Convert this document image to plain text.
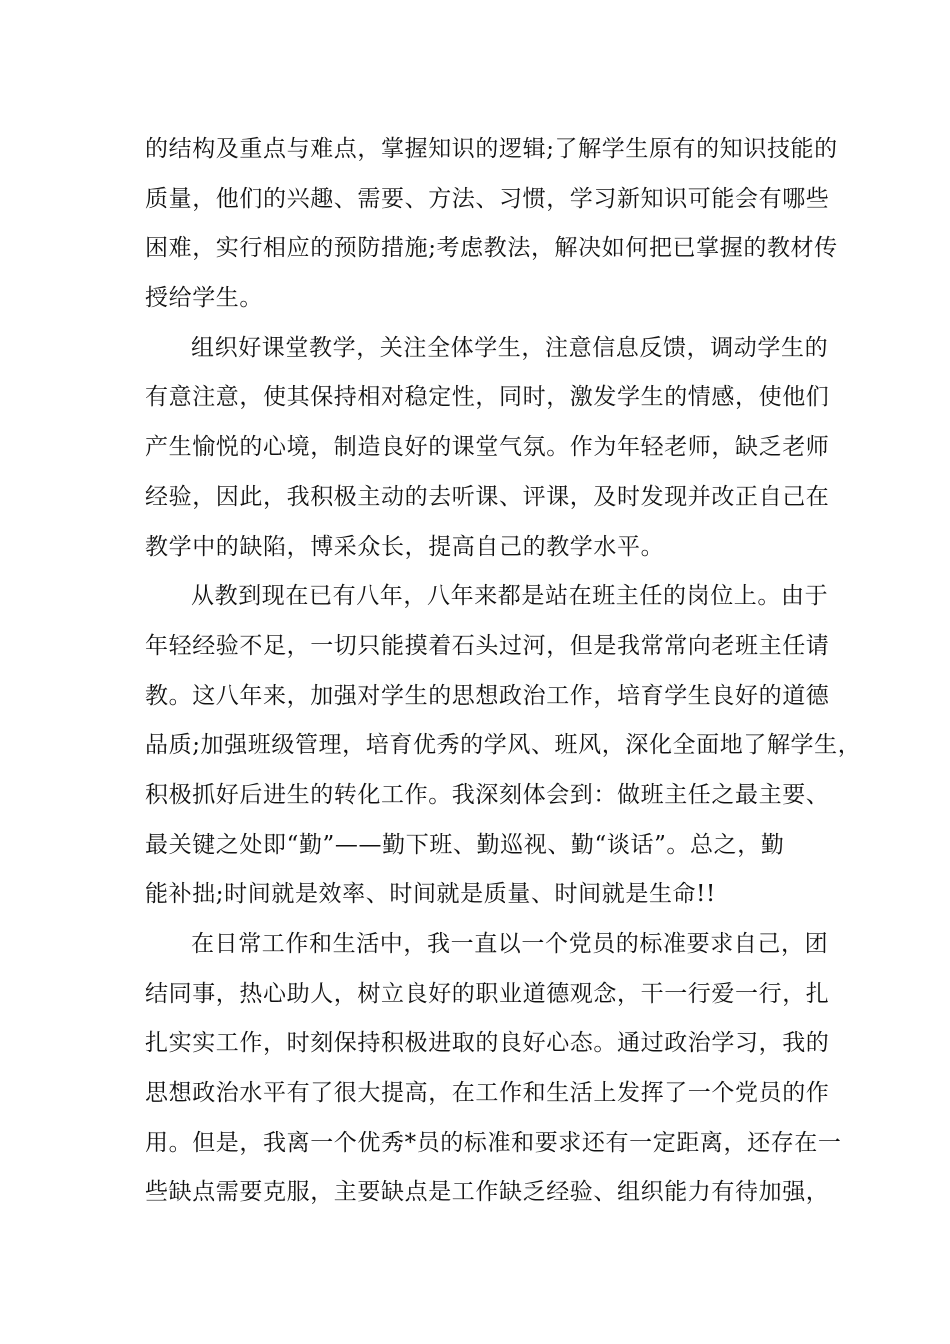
的结构及重点与难点，掌握知识的逻辑;了解学生原有的知识技能的
质量，他们的兴趣、需要、方法、习惯，学习新知识可能会有哪些
困难，实行相应的预防措施;考虑教法，解决如何把已掌握的教材传
授给学生。
组织好课堂教学，关注全体学生，注意信息反馈，调动学生的
有意注意，使其保持相对稳定性，同时，激发学生的情感，使他们
产生愉悦的心境，制造良好的课堂气氛。作为年轻老师，缺乏老师
经验，因此，我积极主动的去听课、评课，及时发现并改正自己在
教学中的缺陷，博采众长，提高自己的教学水平。
从教到现在已有八年，八年来都是站在班主任的岗位上。由于
年轻经验不足，一切只能摸着石头过河，但是我常常向老班主任请
教。这八年来，加强对学生的思想政治工作，培育学生良好的道德
品质;加强班级管理，培育优秀的学风、班风，深化全面地了解学生，
积极抓好后进生的转化工作。我深刻体会到：做班主任之最主要、
最关键之处即“勤”——勤下班、勤巡视、勤“谈话”。总之，勤
能补拙;时间就是效率、时间就是质量、时间就是生命!!
在日常工作和生活中，我一直以一个党员的标准要求自己，团
结同事，热心助人，树立良好的职业道德观念，干一行爱一行，扎
扎实实工作，时刻保持积极进取的良好心态。通过政治学习，我的
思想政治水平有了很大提高，在工作和生活上发挥了一个党员的作
用。但是，我离一个优秀*员的标准和要求还有一定距离，还存在一
些缺点需要克服，主要缺点是工作缺乏经验、组织能力有待加强，
